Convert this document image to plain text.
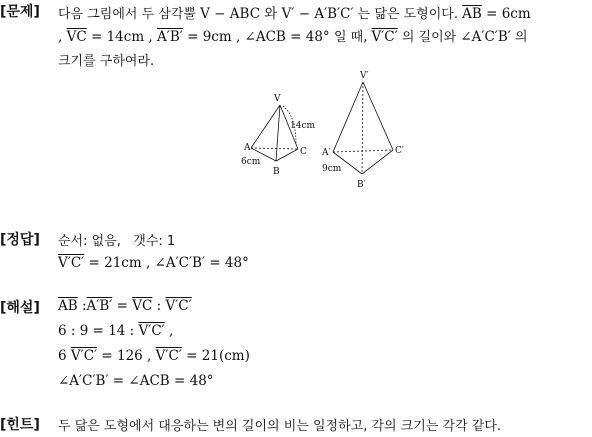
[문제] 다음 그림에서 두 삼각뿔 V − ABC 와 V′ − A′B′C′ 는 닮은 도형이다. $\overline{AB} = 6cm$
, $\overline{VC} = 14cm$ , A′B′ = 9cm , ∠ACB = 48° 일 때, V′C′ 의 길이와 ∠A′C′B′ 의
크기를 구하여라.
V
A	C
B
14cm
6cm
V′
A′	C′
B′
9cm
[정답] 순서: 없음, 갯수: 1
V′C′ = 21cm , ∠A′C′B′ = 48°
[해설] $\overline{AB}$ :A′B′ = $\overline{VC}$ : V′C′
6 : 9 = 14 : V′C′ ,
6 V′C′ = 126 , V′C′ = 21(cm)
∠A′C′B′ = ∠ACB = 48°
[힌트] 두 닮은 도형에서 대응하는 변의 길이의 비는 일정하고, 각의 크기는 각각 같다.
